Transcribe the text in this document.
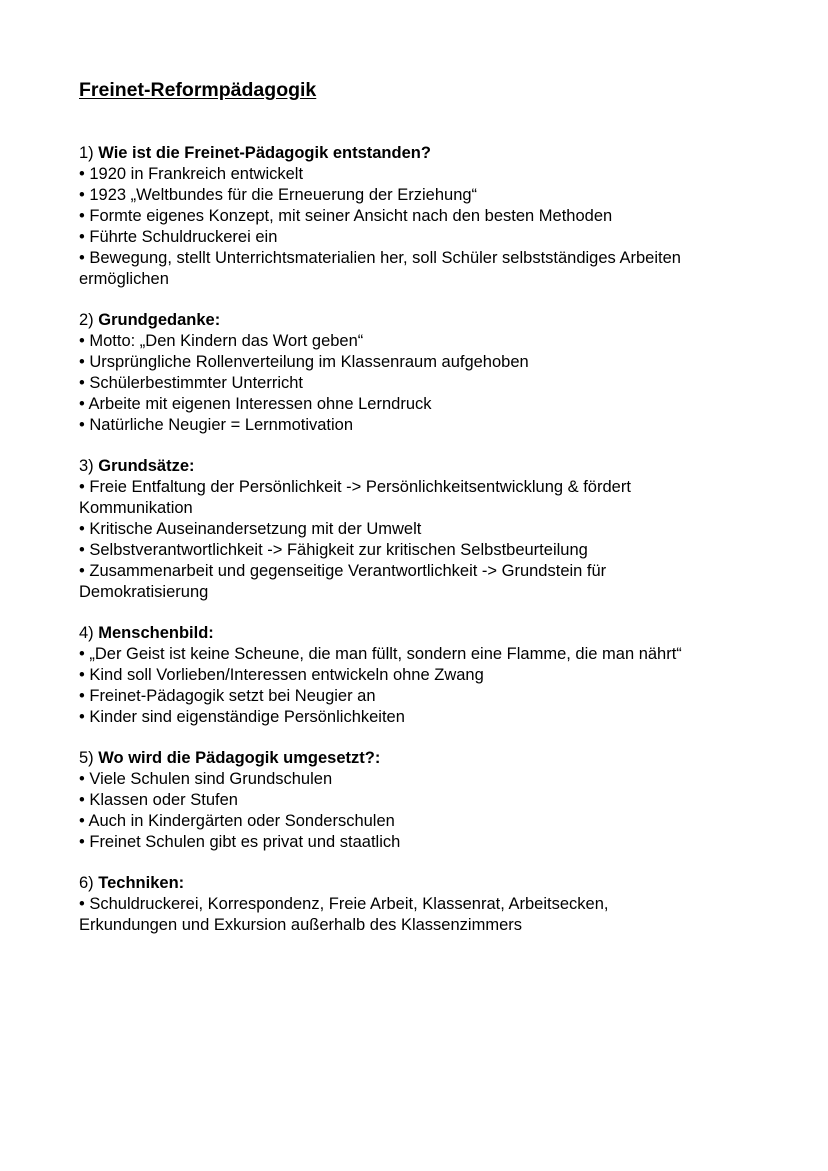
Freinet-Reformpädagogik

1) Wie ist die Freinet-Pädagogik entstanden?

• 1920 in Frankreich entwickelt
• 1923 „Weltbundes für die Erneuerung der Erziehung“
• Formte eigenes Konzept, mit seiner Ansicht nach den besten Methoden
• Führte Schuldruckerei ein
• Bewegung, stellt Unterrichtsmaterialien her, soll Schüler selbstständiges Arbeiten
ermöglichen

2) Grundgedanke:

• Motto: „Den Kindern das Wort geben“
• Ursprüngliche Rollenverteilung im Klassenraum aufgehoben
• Schülerbestimmter Unterricht
• Arbeite mit eigenen Interessen ohne Lerndruck
• Natürliche Neugier = Lernmotivation

3) Grundsätze:

• Freie Entfaltung der Persönlichkeit -> Persönlichkeitsentwicklung & fördert
Kommunikation
• Kritische Auseinandersetzung mit der Umwelt
• Selbstverantwortlichkeit -> Fähigkeit zur kritischen Selbstbeurteilung
• Zusammenarbeit und gegenseitige Verantwortlichkeit -> Grundstein für
Demokratisierung

4) Menschenbild:

• „Der Geist ist keine Scheune, die man füllt, sondern eine Flamme, die man nährt“
• Kind soll Vorlieben/Interessen entwickeln ohne Zwang
• Freinet-Pädagogik setzt bei Neugier an
• Kinder sind eigenständige Persönlichkeiten

5) Wo wird die Pädagogik umgesetzt?:

• Viele Schulen sind Grundschulen
• Klassen oder Stufen
• Auch in Kindergärten oder Sonderschulen
• Freinet Schulen gibt es privat und staatlich

6) Techniken:

• Schuldruckerei, Korrespondenz, Freie Arbeit, Klassenrat, Arbeitsecken,
Erkundungen und Exkursion außerhalb des Klassenzimmers
